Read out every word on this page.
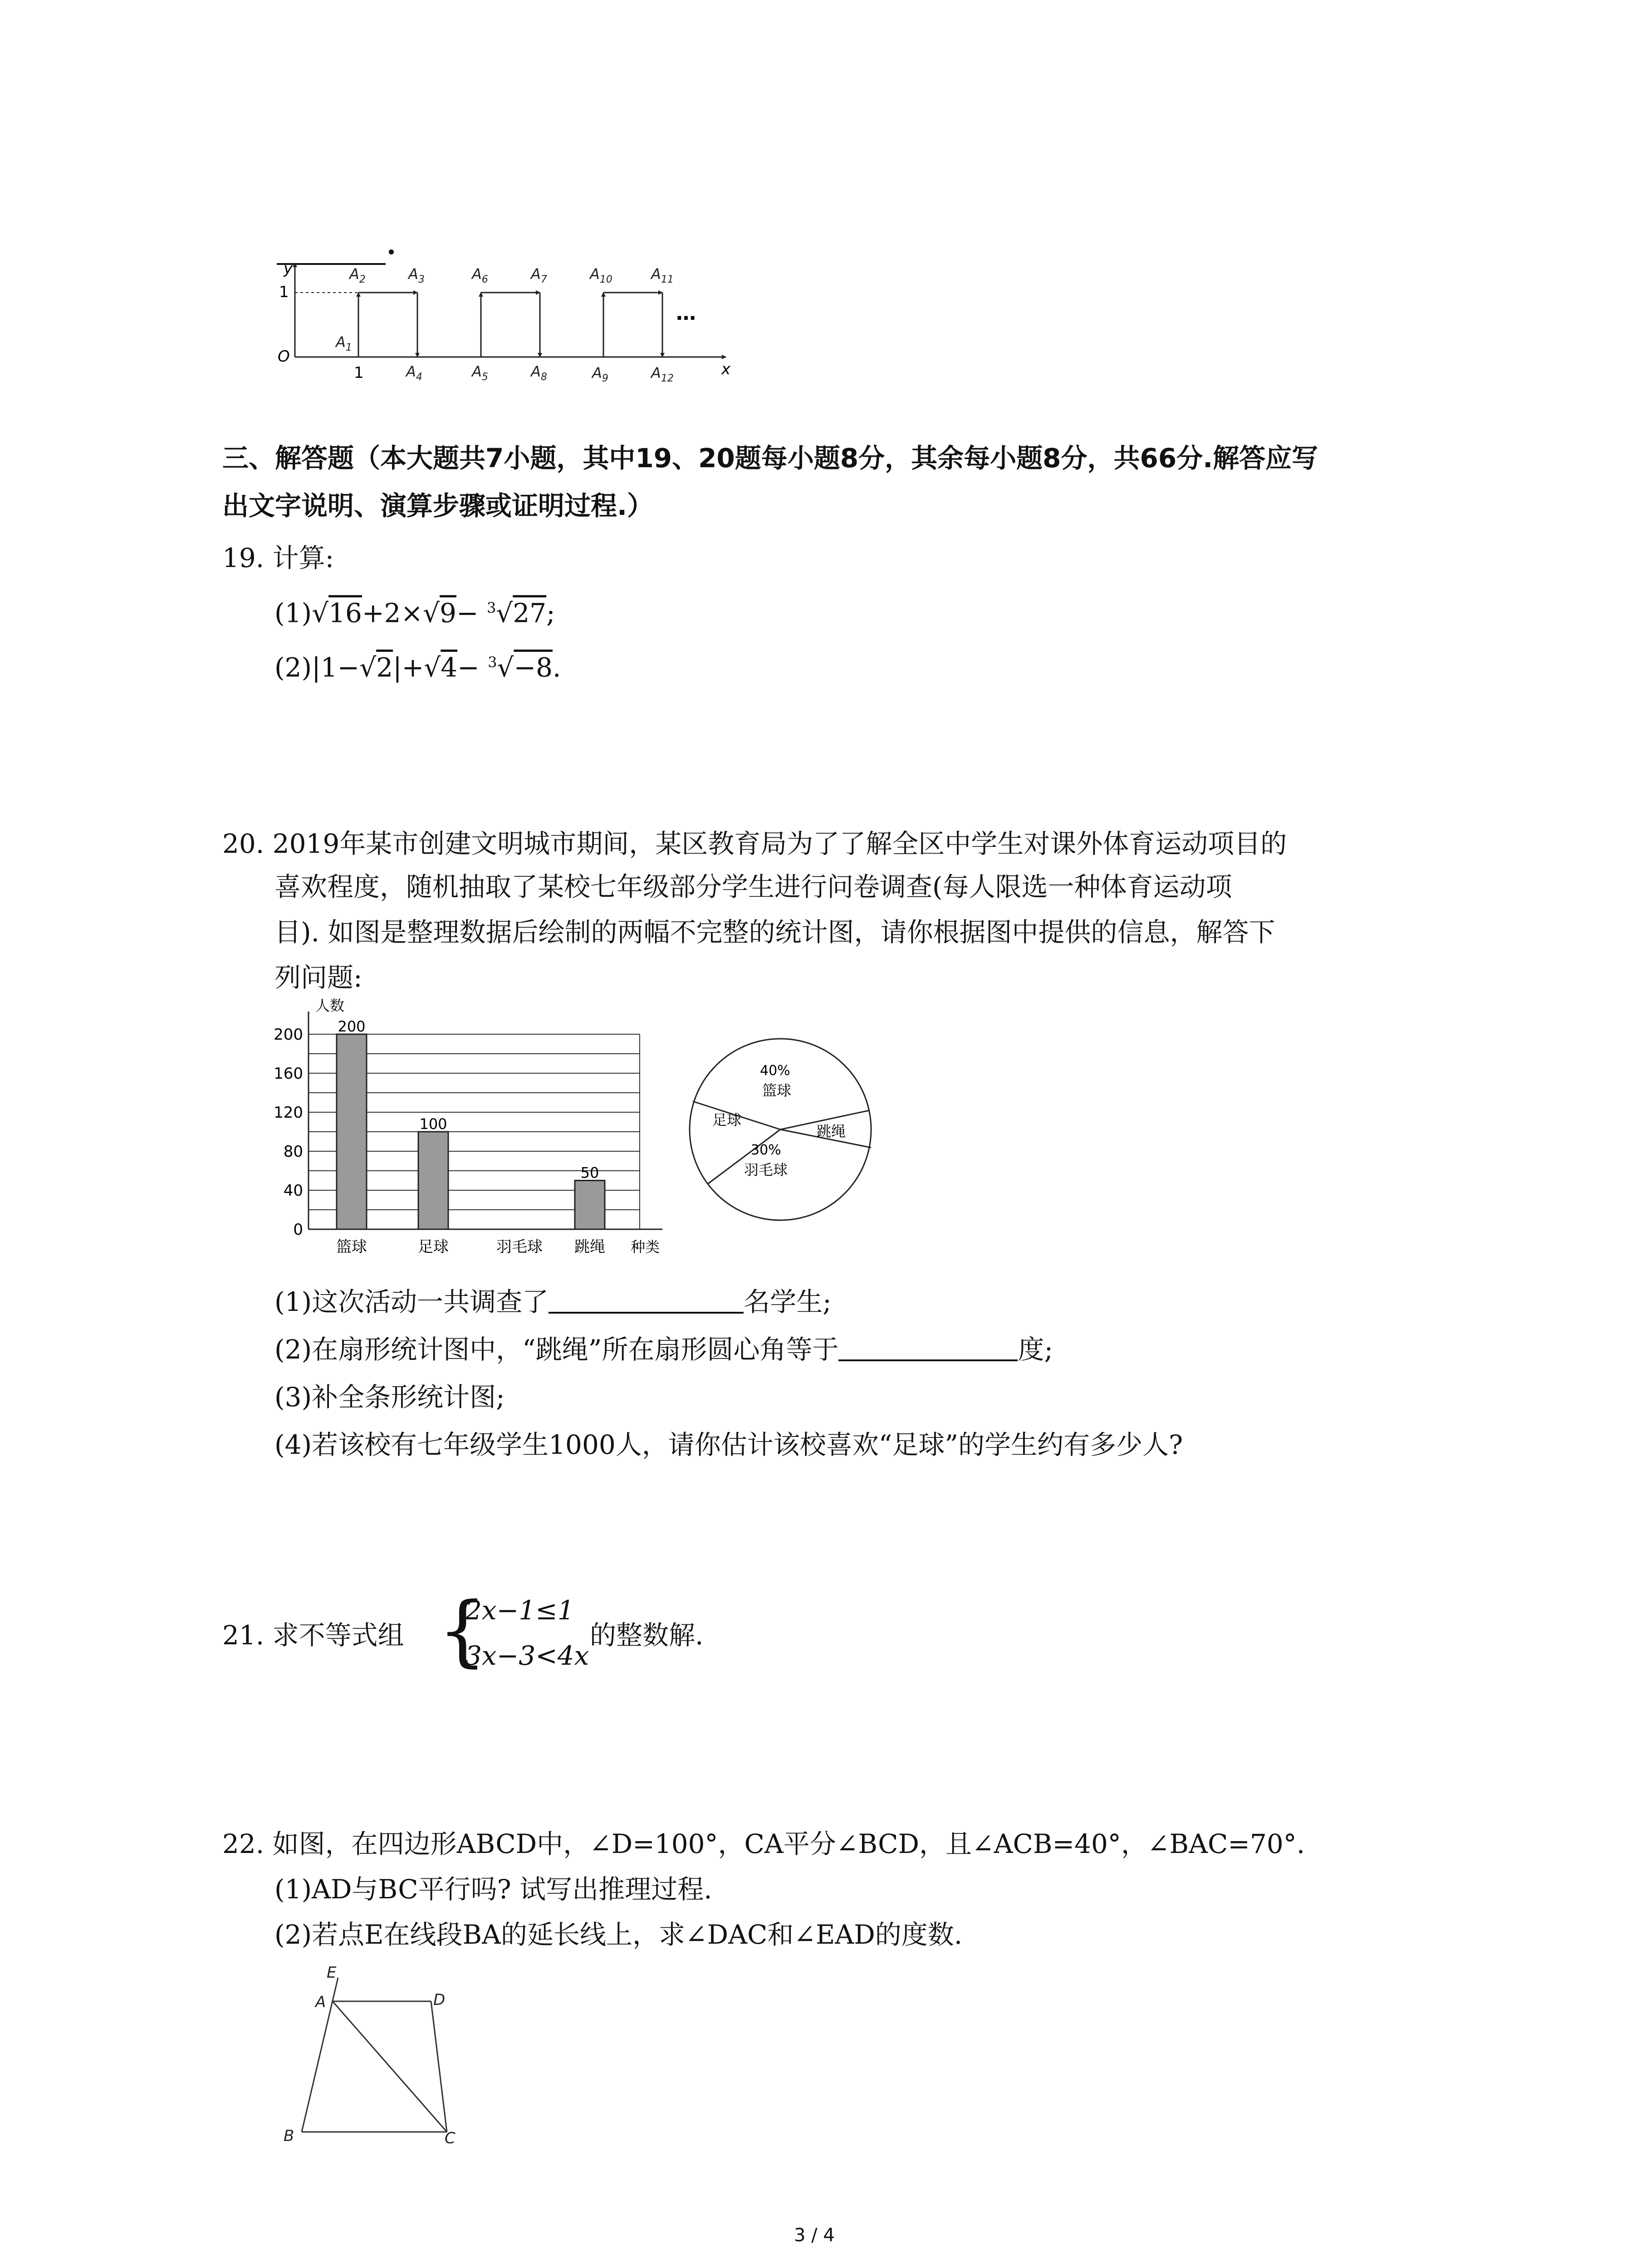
.
y
1
O
1	x
…
$A_1$
$A_2$	$A_3$
$A_4$	$A_5$
$A_6$	$A_7$
$A_8$	$A_9$
$A_{10}$	$A_{11}$
$A_{12}$
三、解答题（本大题共7小题，其中19、20题每小题8分，其余每小题8分，共66分.解答应写
出文字说明、演算步骤或证明过程.）
19. 计算:
(1)√16+2×√9− $^3$√27;
(2)|1−√2|+√4− $^3$√−8.
20. 2019年某市创建文明城市期间，某区教育局为了了解全区中学生对课外体育运动项目的
喜欢程度，随机抽取了某校七年级部分学生进行问卷调查(每人限选一种体育运动项
目). 如图是整理数据后绘制的两幅不完整的统计图，请你根据图中提供的信息，解答下
列问题:
0
40
80
120
160
200 200
100
50
篮球	足球	羽毛球 跳绳
人数
种类
40%
篮球
足球
跳绳
30%
羽毛球
(1)这次活动一共调查了	名学生;
(2)在扇形统计图中，“跳绳”所在扇形圆心角等于	度;
(3)补全条形统计图;
(4)若该校有七年级学生1000人，请你估计该校喜欢“足球”的学生约有多少人?
21. 求不等式组 {
2x−1≤1
3x−3<4x
的整数解.
22. 如图，在四边形ABCD中，∠D=100°，CA平分∠BCD，且∠ACB=40°，∠BAC=70°.
(1)AD与BC平行吗? 试写出推理过程.
(2)若点E在线段BA的延长线上，求∠DAC和∠EAD的度数.
E
A	D
B	C
3 / 4
